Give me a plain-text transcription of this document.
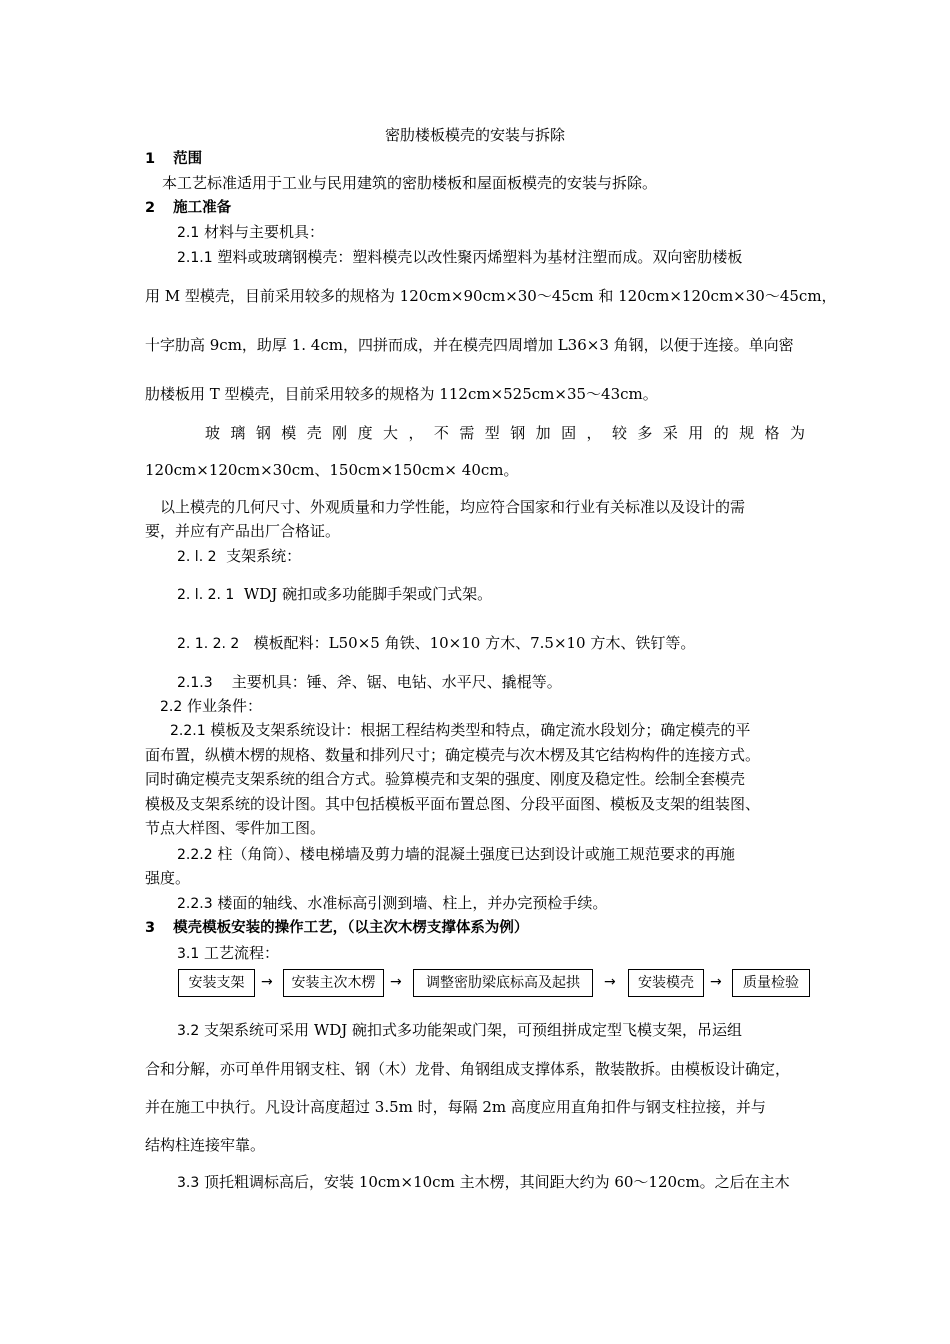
密肋楼板模壳的安装与拆除
1 范围
本工艺标准适用于工业与民用建筑的密肋楼板和屋面板模壳的安装与拆除。
2 施工准备
2.1 材料与主要机具：
2.1.1 塑料或玻璃钢模壳：塑料模壳以改性聚丙烯塑料为基材注塑而成。双向密肋楼板
用 M 型模壳，目前采用较多的规格为 120cm×90cm×30～45cm 和 120cm×120cm×30～45cm，
十字肋高 9cm，助厚 1. 4cm，四拼而成，并在模壳四周增加 L36×3 角钢，以便于连接。单向密
肋楼板用 T 型模壳，目前采用较多的规格为 112cm×525cm×35～43cm。
玻 璃 钢 模 壳 刚 度 大 ， 不 需 型 钢 加 固 ， 较 多 采 用 的 规 格 为
120cm×120cm×30cm、150cm×150cm× 40cm。
以上模壳的几何尺寸、外观质量和力学性能，均应符合国家和行业有关标准以及设计的需
要，并应有产品出厂合格证。
2. l. 2 支架系统：
2. l. 2. 1 WDJ 碗扣或多功能脚手架或门式架。
2. 1. 2. 2 模板配料：L50×5 角铁、10×10 方木、7.5×10 方木、铁钉等。
2.1.3 主要机具：锤、斧、锯、电钻、水平尺、撬棍等。
2.2 作业条件：
2.2.1 模板及支架系统设计：根据工程结构类型和特点，确定流水段划分；确定模壳的平
面布置，纵横木楞的规格、数量和排列尺寸；确定模壳与次木楞及其它结构构件的连接方式。
同时确定模壳支架系统的组合方式。验算模壳和支架的强度、刚度及稳定性。绘制全套模壳
模极及支架系统的设计图。其中包括模板平面布置总图、分段平面图、模板及支架的组装图、
节点大样图、零件加工图。
2.2.2 柱（角筒）、楼电梯墙及剪力墙的混凝土强度已达到设计或施工规范要求的再施
强度。
2.2.3 楼面的轴线、水准标高引测到墙、柱上，并办完预检手续。
3 模壳模板安装的操作工艺，（以主次木楞支撑体系为例）
3.1 工艺流程：
安装支架	→	安装主次木楞	→	调整密肋梁底标高及起拱	→	安装模壳	→	质量检验
3.2 支架系统可采用 WDJ 碗扣式多功能架或门架，可预组拼成定型飞模支架，吊运组
合和分解，亦可单件用钢支柱、钢（木）龙骨、角钢组成支撑体系，散装散拆。由模板设计确定，
并在施工中执行。凡设计高度超过 3.5m 时，每隔 2m 高度应用直角扣件与钢支柱拉接，并与
结构柱连接牢靠。
3.3 顶托粗调标高后，安装 10cm×10cm 主木楞，其间距大约为 60～120cm。之后在主木
